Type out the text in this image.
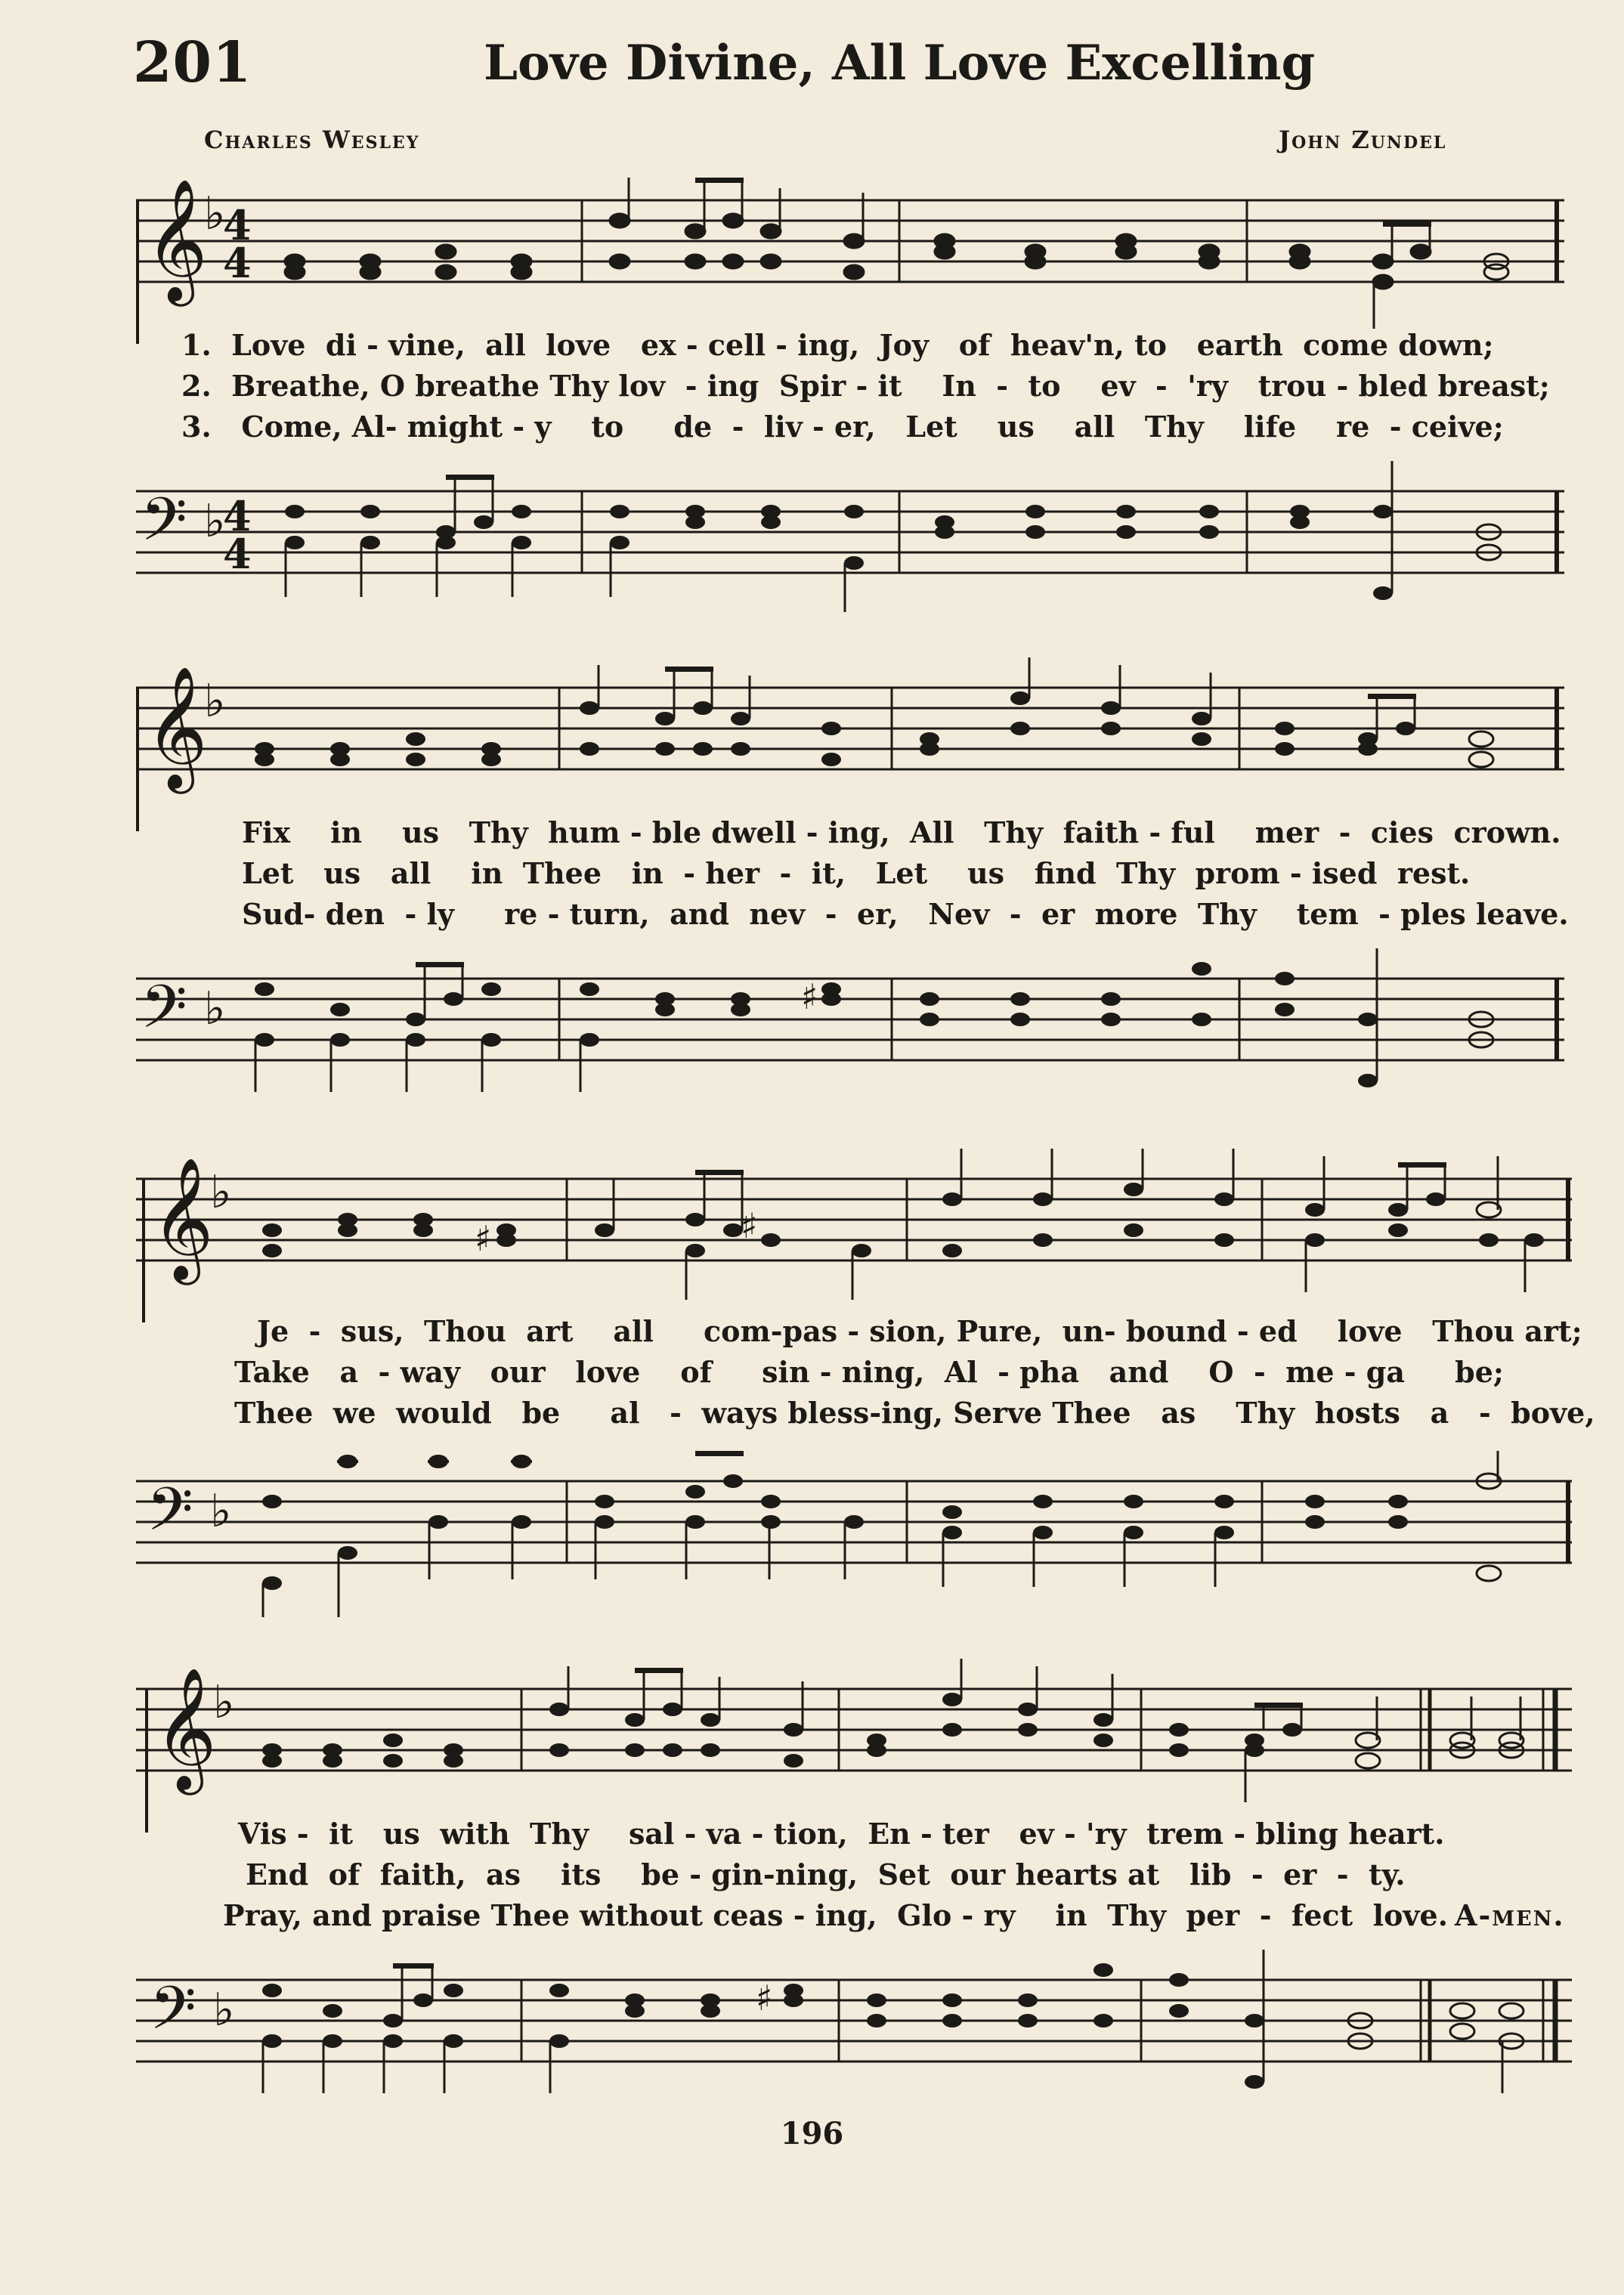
201	Love Divine, All Love Excelling
Charles Wesley	John Zundel
𝄞
♭
4
4
1.  Love  di - vine,  all  love   ex - cell - ing,  Joy   of  heav'n, to   earth  come down;
2.  Breathe, O breathe Thy lov  - ing  Spir - it    In  -  to    ev  -  'ry   trou - bled breast;
3.   Come, Al- might - y    to     de  -  liv - er,   Let    us    all   Thy    life    re  - ceive;
𝄢 ♭
4
4
𝄞
♭
Fix    in    us   Thy  hum - ble dwell - ing,  All   Thy  faith - ful    mer  -  cies  crown.
Let   us   all    in  Thee   in  - her  -  it,   Let    us   find  Thy  prom - ised  rest.
Sud- den  - ly     re - turn,  and  nev  -  er,   Nev  -  er  more  Thy    tem  - ples leave.
𝄢 ♭	♯
𝄞
♭
♯	♯
Je  -  sus,  Thou  art    all     com-pas - sion, Pure,  un- bound - ed    love   Thou art;
Take   a  - way   our   love    of     sin - ning,  Al  - pha   and    O  -  me - ga     be;
Thee  we  would   be     al   -  ways bless-ing, Serve Thee   as    Thy  hosts   a   -  bove,
𝄢 ♭
𝄞
♭
Vis -  it   us  with  Thy    sal - va - tion,  En - ter   ev - 'ry  trem - bling heart.
End  of  faith,  as    its    be - gin-ning,  Set  our hearts at   lib  -  er  -  ty.
Pray, and praise Thee without ceas - ing,  Glo - ry    in  Thy  per  -  fect  love. A-men.
𝄢 ♭	♯
196
